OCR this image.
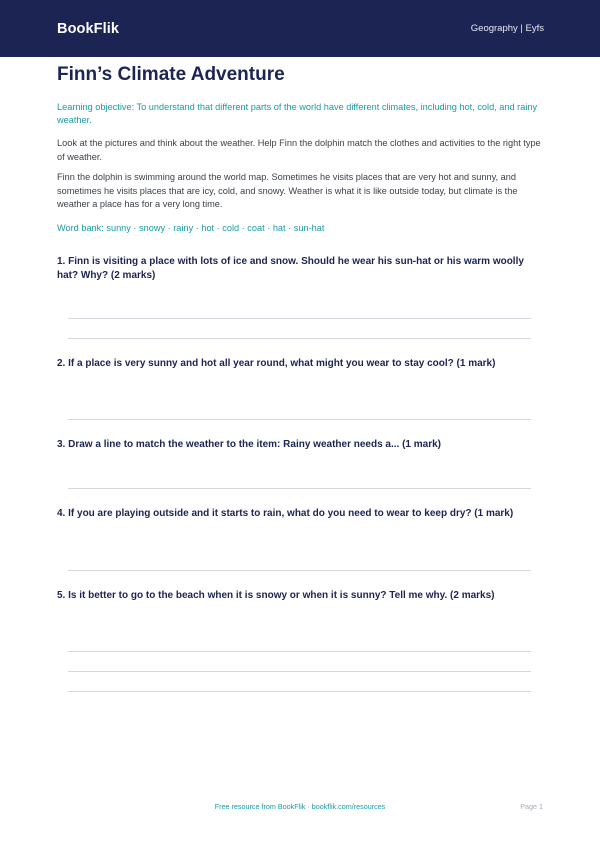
BookFlik	Geography | Eyfs
Finn’s Climate Adventure

Learning objective: To understand that different parts of the world have different climates, including hot, cold, and rainy weather.

Look at the pictures and think about the weather. Help Finn the dolphin match the clothes and activities to the right type of weather.

Finn the dolphin is swimming around the world map. Sometimes he visits places that are very hot and sunny, and sometimes he visits places that are icy, cold, and snowy. Weather is what it is like outside today, but climate is the weather a place has for a very long time.

Word bank: sunny · snowy · rainy · hot · cold · coat · hat · sun-hat

1. Finn is visiting a place with lots of ice and snow. Should he wear his sun-hat or his warm woolly hat? Why? (2 marks)
2. If a place is very sunny and hot all year round, what might you wear to stay cool? (1 mark)
3. Draw a line to match the weather to the item: Rainy weather needs a... (1 mark)
4. If you are playing outside and it starts to rain, what do you need to wear to keep dry? (1 mark)
5. Is it better to go to the beach when it is snowy or when it is sunny? Tell me why. (2 marks)
Free resource from BookFlik · bookflik.com/resources	Page 1
